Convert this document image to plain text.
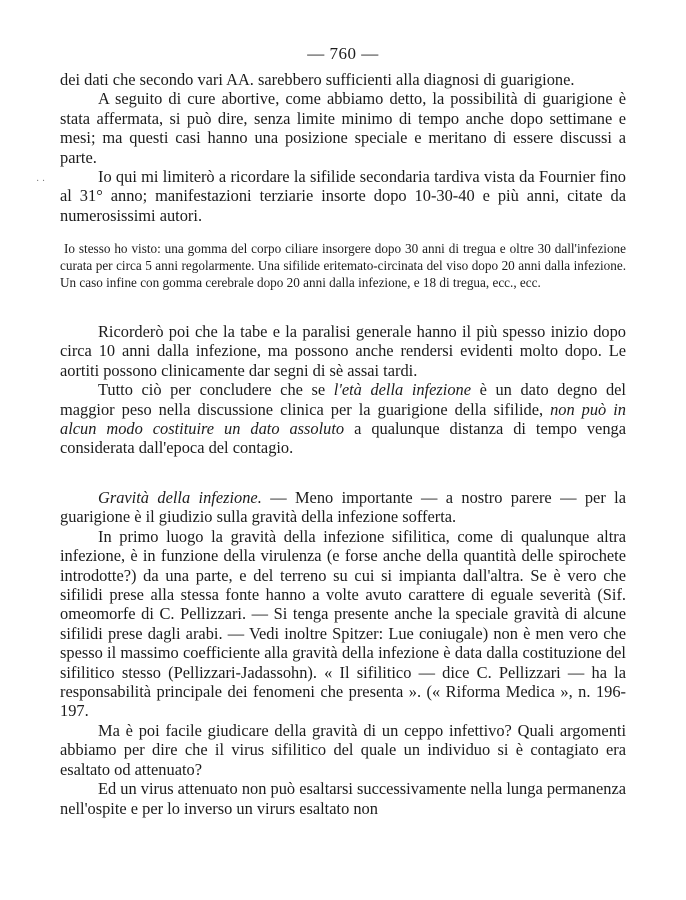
— 760 —
· ·

dei dati che secondo vari AA. sarebbero sufficienti alla diagnosi di guarigione.

A seguito di cure abortive, come abbiamo detto, la possibilità di guarigione è stata affermata, si può dire, senza limite minimo di tempo anche dopo settimane e mesi; ma questi casi hanno una posizione speciale e meritano di essere discussi a parte.

Io qui mi limiterò a ricordare la sifilide secondaria tardiva vista da Fournier fino al 31° anno; manifestazioni terziarie insorte dopo 10-30-40 e più anni, citate da numerosissimi autori.

Io stesso ho visto: una gomma del corpo ciliare insorgere dopo 30 anni di tregua e oltre 30 dall'infezione curata per circa 5 anni regolarmente. Una sifilide eritemato-circinata del viso dopo 20 anni dalla infezione. Un caso infine con gomma cerebrale dopo 20 anni dalla infezione, e 18 di tregua, ecc., ecc.

Ricorderò poi che la tabe e la paralisi generale hanno il più spesso inizio dopo circa 10 anni dalla infezione, ma possono anche rendersi evidenti molto dopo. Le aortiti possono clinicamente dar segni di sè assai tardi.

Tutto ciò per concludere che se l'età della infezione è un dato degno del maggior peso nella discussione clinica per la guarigione della sifilide, non può in alcun modo costituire un dato assoluto a qualunque distanza di tempo venga considerata dall'epoca del contagio.

Gravità della infezione. — Meno importante — a nostro parere — per la guarigione è il giudizio sulla gravità della infezione sofferta.

In primo luogo la gravità della infezione sifilitica, come di qualunque altra infezione, è in funzione della virulenza (e forse anche della quantità delle spirochete introdotte?) da una parte, e del terreno su cui si impianta dall'altra. Se è vero che sifilidi prese alla stessa fonte hanno a volte avuto carattere di eguale severità (Sif. omeomorfe di C. Pellizzari. — Si tenga presente anche la speciale gravità di alcune sifilidi prese dagli arabi. — Vedi inoltre Spitzer: Lue coniugale) non è men vero che spesso il massimo coefficiente alla gravità della infezione è data dalla costituzione del sifilitico stesso (Pellizzari-Jadassohn). « Il sifilitico — dice C. Pellizzari — ha la responsabilità principale dei fenomeni che presenta ». (« Riforma Medica », n. 196-197.

Ma è poi facile giudicare della gravità di un ceppo infettivo? Quali argomenti abbiamo per dire che il virus sifilitico del quale un individuo si è contagiato era esaltato od attenuato?

Ed un virus attenuato non può esaltarsi successivamente nella lunga permanenza nell'ospite e per lo inverso un virurs esaltato non
